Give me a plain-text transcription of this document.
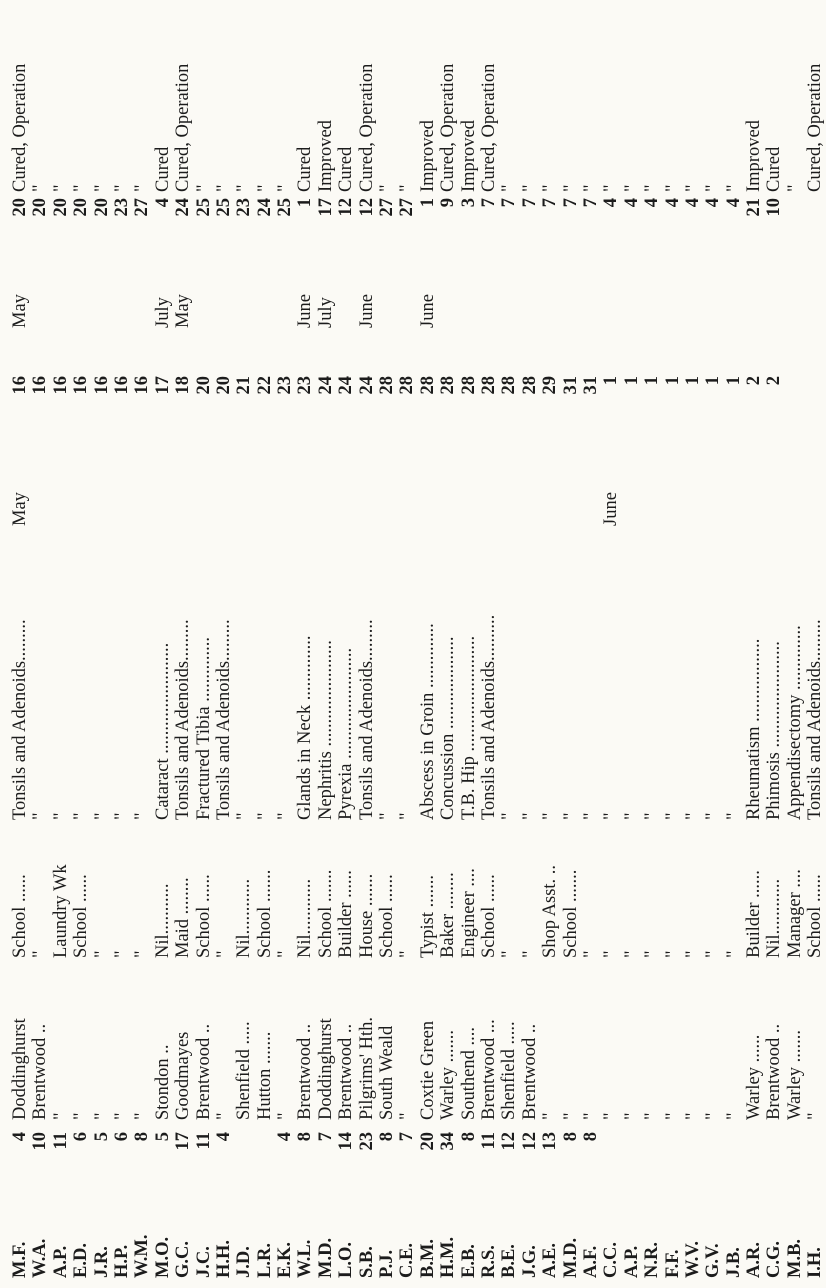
M.F.
4
Doddinghurst
School ......
Tonsils and Adenoids.........
May
16
May
20
Cured, Operation
W.A.
10
Brentwood ..
"
"
16
20
"
A.P.
11
"
Laundry Wk
"
16
20
"
E.D.
6
"
School ......
"
16
20
"
J.R.
5
"
"
"
16
20
"
H.P.
6
"
"
"
16
23
"
W.M.
8
"
"
"
16
27
"
M.O.
5
Stondon ..
Nil...........
Cataract ........................
17
July
4
Cured
G.C.
17
Goodmayes
Maid ........
Tonsils and Adenoids.........
18
May
24
Cured, Operation
J.C.
11
Brentwood ..
School ......
Fractured Tibia ..............
20
25
"
H.H.
4
"
"
Tonsils and Adenoids.........
20
25
"
J.D.
Shenfield .....
Nil............
"
21
23
"
L.R.
Hutton .......
School .......
"
22
24
"
E.K.
4
"
"
"
23
25
"
W.L.
8
Brentwood ..
Nil............
Glands in Neck ..............
23
June
1
Cured
M.D.
7
Doddinghurst
School .......
Nephritis .......................
24
July
17
Improved
L.O.
14
Brentwood ..
Builder ......
Pyrexia ........................
24
12
Cured
S.B.
23
Pilgrims' Hth.
House .......
Tonsils and Adenoids.........
24
June
12
Cured, Operation
P.J.
8
South Weald
School ......
"
28
27
"
C.E.
7
"
"
"
28
27
"
B.M.
20
Coxtie Green
Typist .......
Abscess in Groin ..............
28
June
1
Improved
H.M.
34
Warley .......
Baker ........
Concussion ....................
28
9
Cured, Operation
E.B.
8
Southend ....
Engineer ....
T.B. Hip .........................
28
3
Improved
R.S.
11
Brentwood ...
School ......
Tonsils and Adenoids..........
28
7
Cured, Operation
B.E.
12
Shenfield .....
"
"
28
7
"
J.G.
12
Brentwood ..
"
"
28
7
"
A.E.
13
"
Shop Asst. ..
"
29
7
"
M.D.
8
"
School .......
"
31
7
"
A.F.
8
"
"
"
31
7
"
C.C.
"
"
"
June
1
4
"
A.P.
"
"
"
1
4
"
N.R.
"
"
"
1
4
"
F.F.
"
"
"
1
4
"
W.V.
"
"
"
1
4
"
G.V.
"
"
"
1
4
"
J.B.
"
"
"
1
4
"
A.R.
Warley ......
Builder ......
Rheumatism ..................
2
21
Improved
C.G.
Brentwood ..
Nil............
Phimosis .......................
2
10
Cured
M.B.
Warley .......
Manager ....
Appendisectomy ..............
"
I.H.
"
School ......
Tonsils and Adenoids.........
Cured, Operation
